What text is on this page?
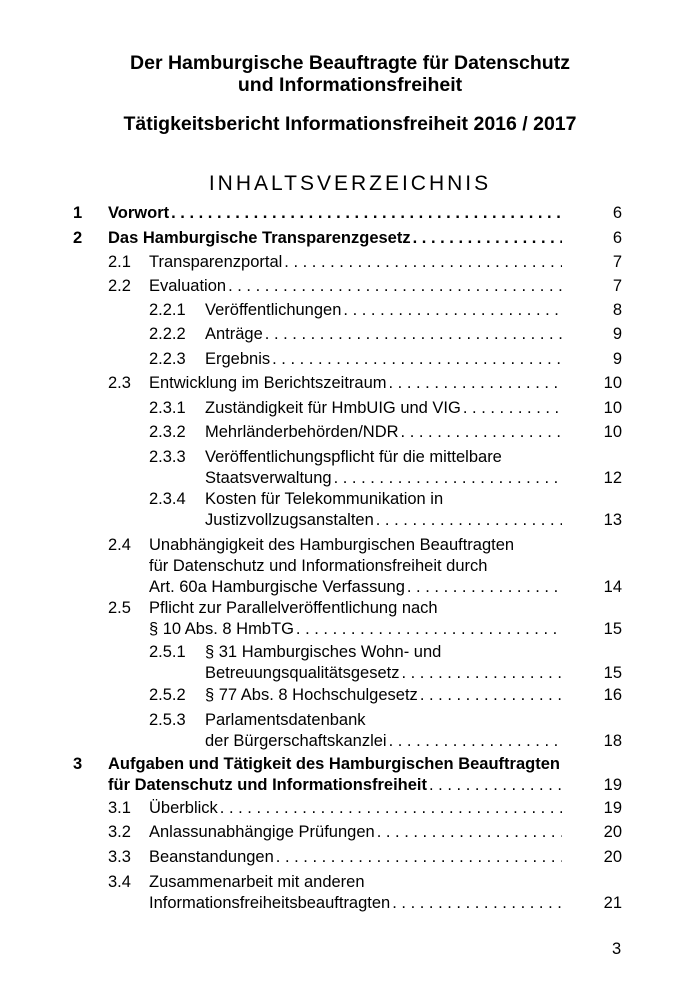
Der Hamburgische Beauftragte für Datenschutz
und Informationsfreiheit
Tätigkeitsbericht Informationsfreiheit 2016 / 2017
INHALTSVERZEICHNIS
1 Vorwort . . .	6
2 Das Hamburgische Transparenzgesetz . . .	6
2.1 Transparenzportal . . .	7
2.2 Evaluation . . .	7
2.2.1 Veröffentlichungen . . .	8
2.2.2 Anträge . . .	9
2.2.3 Ergebnis . . .	9
2.3 Entwicklung im Berichtszeitraum . . .	10
2.3.1 Zuständigkeit für HmbUIG und VIG . . .	10
2.3.2 Mehrländerbehörden/NDR . . .	10
2.3.3 Veröffentlichungspflicht für die mittelbare
Staatsverwaltung . . .	12
2.3.4 Kosten für Telekommunikation in
Justizvollzugsanstalten . . .	13
2.4 Unabhängigkeit des Hamburgischen Beauftragten
für Datenschutz und Informationsfreiheit durch
Art. 60a Hamburgische Verfassung . . .	14
2.5 Pflicht zur Parallelveröffentlichung nach
§ 10 Abs. 8 HmbTG . . .	15
2.5.1 § 31 Hamburgisches Wohn- und
Betreuungsqualitätsgesetz . . .	15
2.5.2 § 77 Abs. 8 Hochschulgesetz . . .	16
2.5.3 Parlamentsdatenbank
der Bürgerschaftskanzlei . . .	18
3 Aufgaben und Tätigkeit des Hamburgischen Beauftragten
für Datenschutz und Informationsfreiheit . . .	19
3.1 Überblick . . .	19
3.2 Anlassunabhängige Prüfungen . . .	20
3.3 Beanstandungen . . .	20
3.4 Zusammenarbeit mit anderen
Informationsfreiheitsbeauftragten . . .	21

3
